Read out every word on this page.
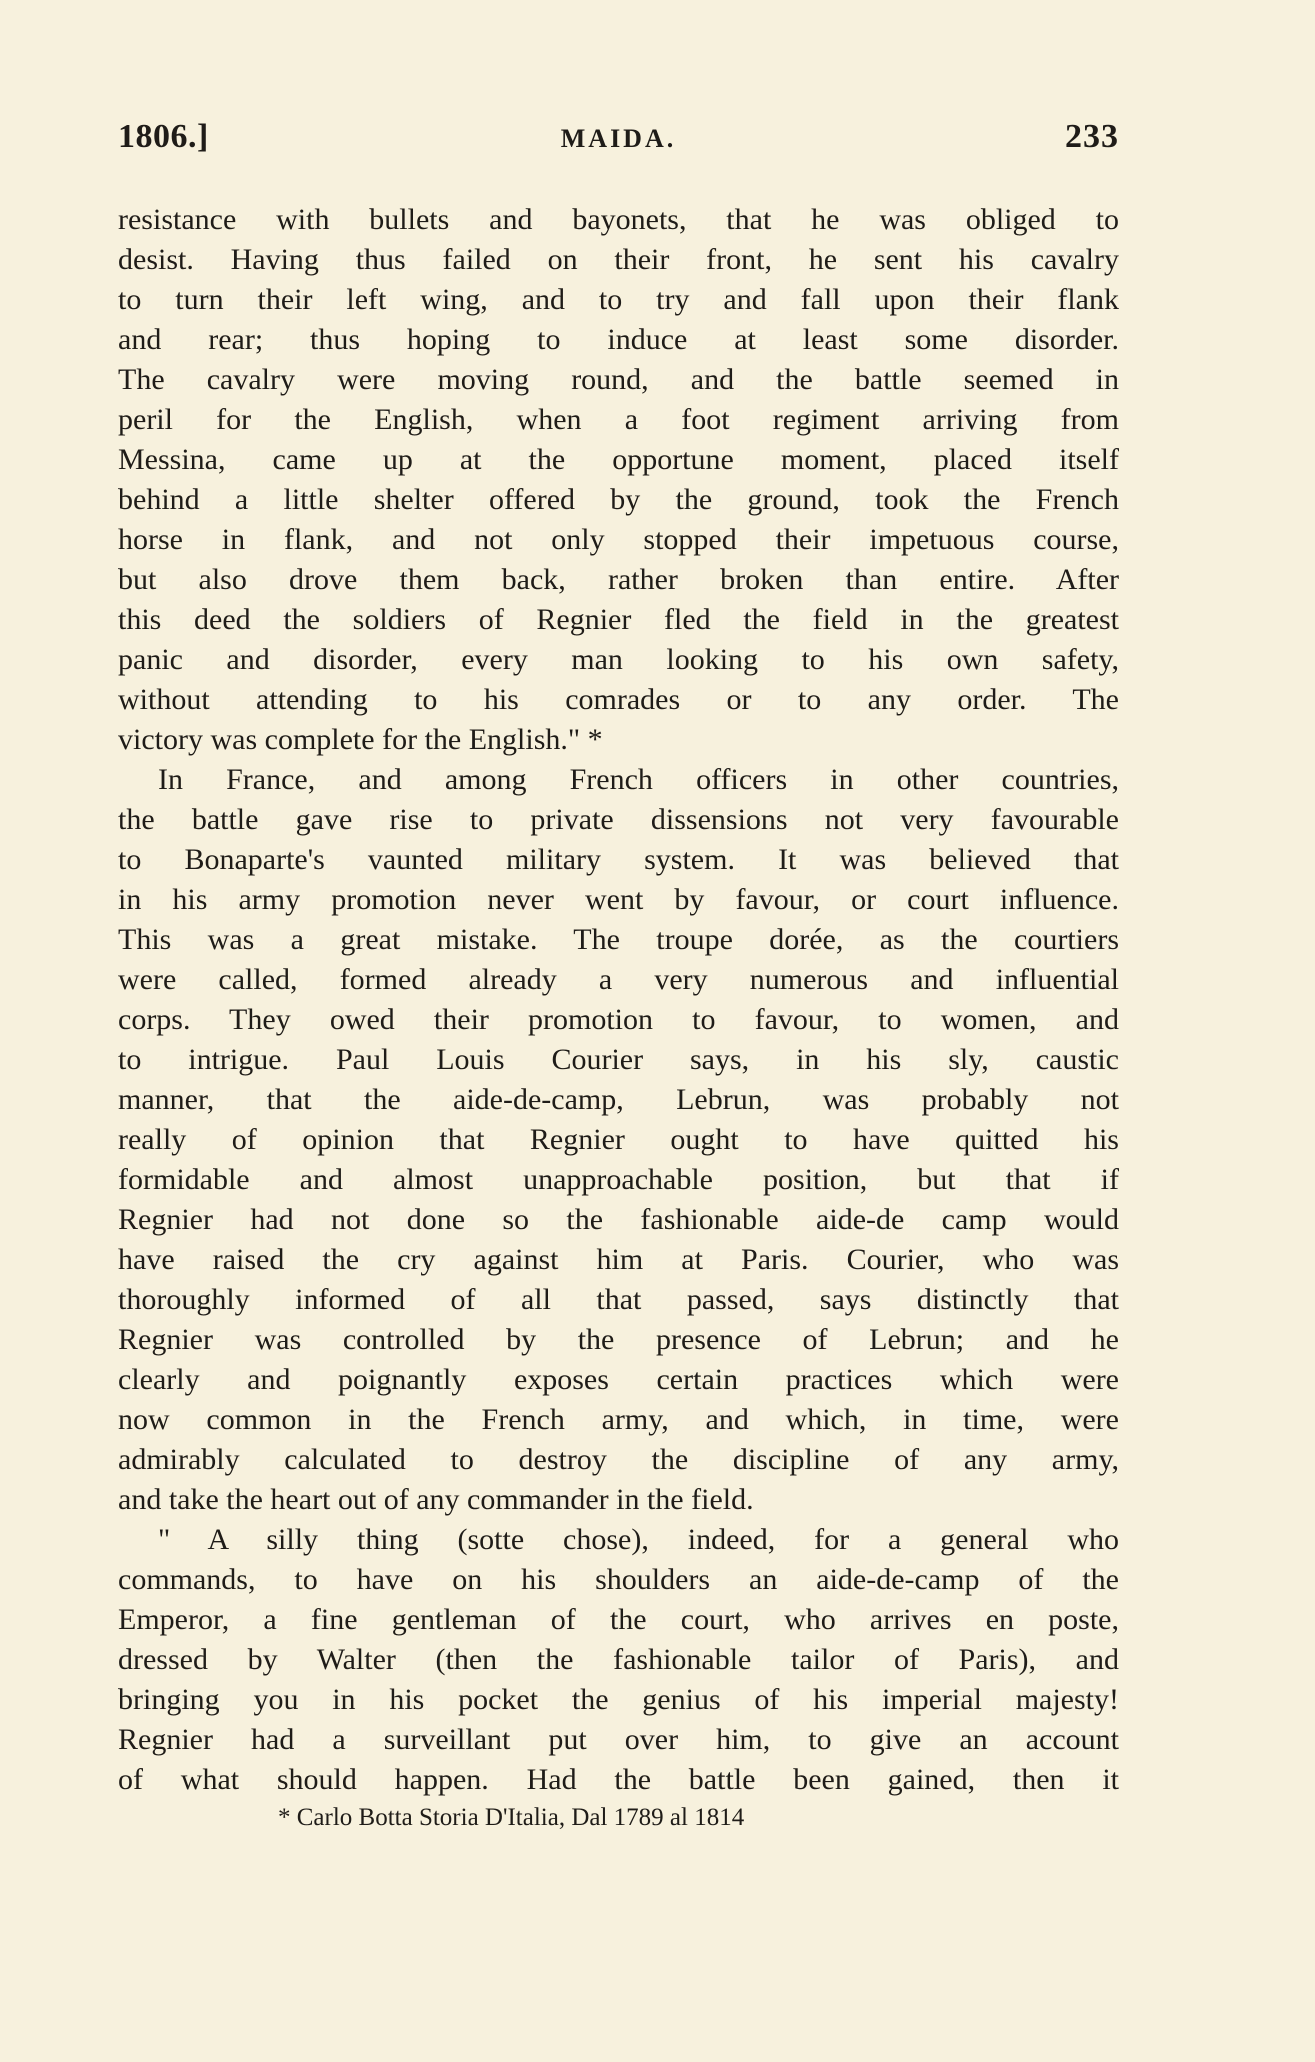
1806.]	MAIDA.	233
resistance with bullets and bayonets, that he was obliged to
desist. Having thus failed on their front, he sent his cavalry
to turn their left wing, and to try and fall upon their flank
and rear; thus hoping to induce at least some disorder.
The cavalry were moving round, and the battle seemed in
peril for the English, when a foot regiment arriving from
Messina, came up at the opportune moment, placed itself
behind a little shelter offered by the ground, took the French
horse in flank, and not only stopped their impetuous course,
but also drove them back, rather broken than entire. After
this deed the soldiers of Regnier fled the field in the greatest
panic and disorder, every man looking to his own safety,
without attending to his comrades or to any order. The
victory was complete for the English." *
In France, and among French officers in other countries,
the battle gave rise to private dissensions not very favourable
to Bonaparte's vaunted military system. It was believed that
in his army promotion never went by favour, or court influence.
This was a great mistake. The troupe dorée, as the courtiers
were called, formed already a very numerous and influential
corps. They owed their promotion to favour, to women, and
to intrigue. Paul Louis Courier says, in his sly, caustic
manner, that the aide-de-camp, Lebrun, was probably not
really of opinion that Regnier ought to have quitted his
formidable and almost unapproachable position, but that if
Regnier had not done so the fashionable aide-de camp would
have raised the cry against him at Paris. Courier, who was
thoroughly informed of all that passed, says distinctly that
Regnier was controlled by the presence of Lebrun; and he
clearly and poignantly exposes certain practices which were
now common in the French army, and which, in time, were
admirably calculated to destroy the discipline of any army,
and take the heart out of any commander in the field.
" A silly thing (sotte chose), indeed, for a general who
commands, to have on his shoulders an aide-de-camp of the
Emperor, a fine gentleman of the court, who arrives en poste,
dressed by Walter (then the fashionable tailor of Paris), and
bringing you in his pocket the genius of his imperial majesty!
Regnier had a surveillant put over him, to give an account
of what should happen. Had the battle been gained, then it
* Carlo Botta Storia D'Italia, Dal 1789 al 1814
